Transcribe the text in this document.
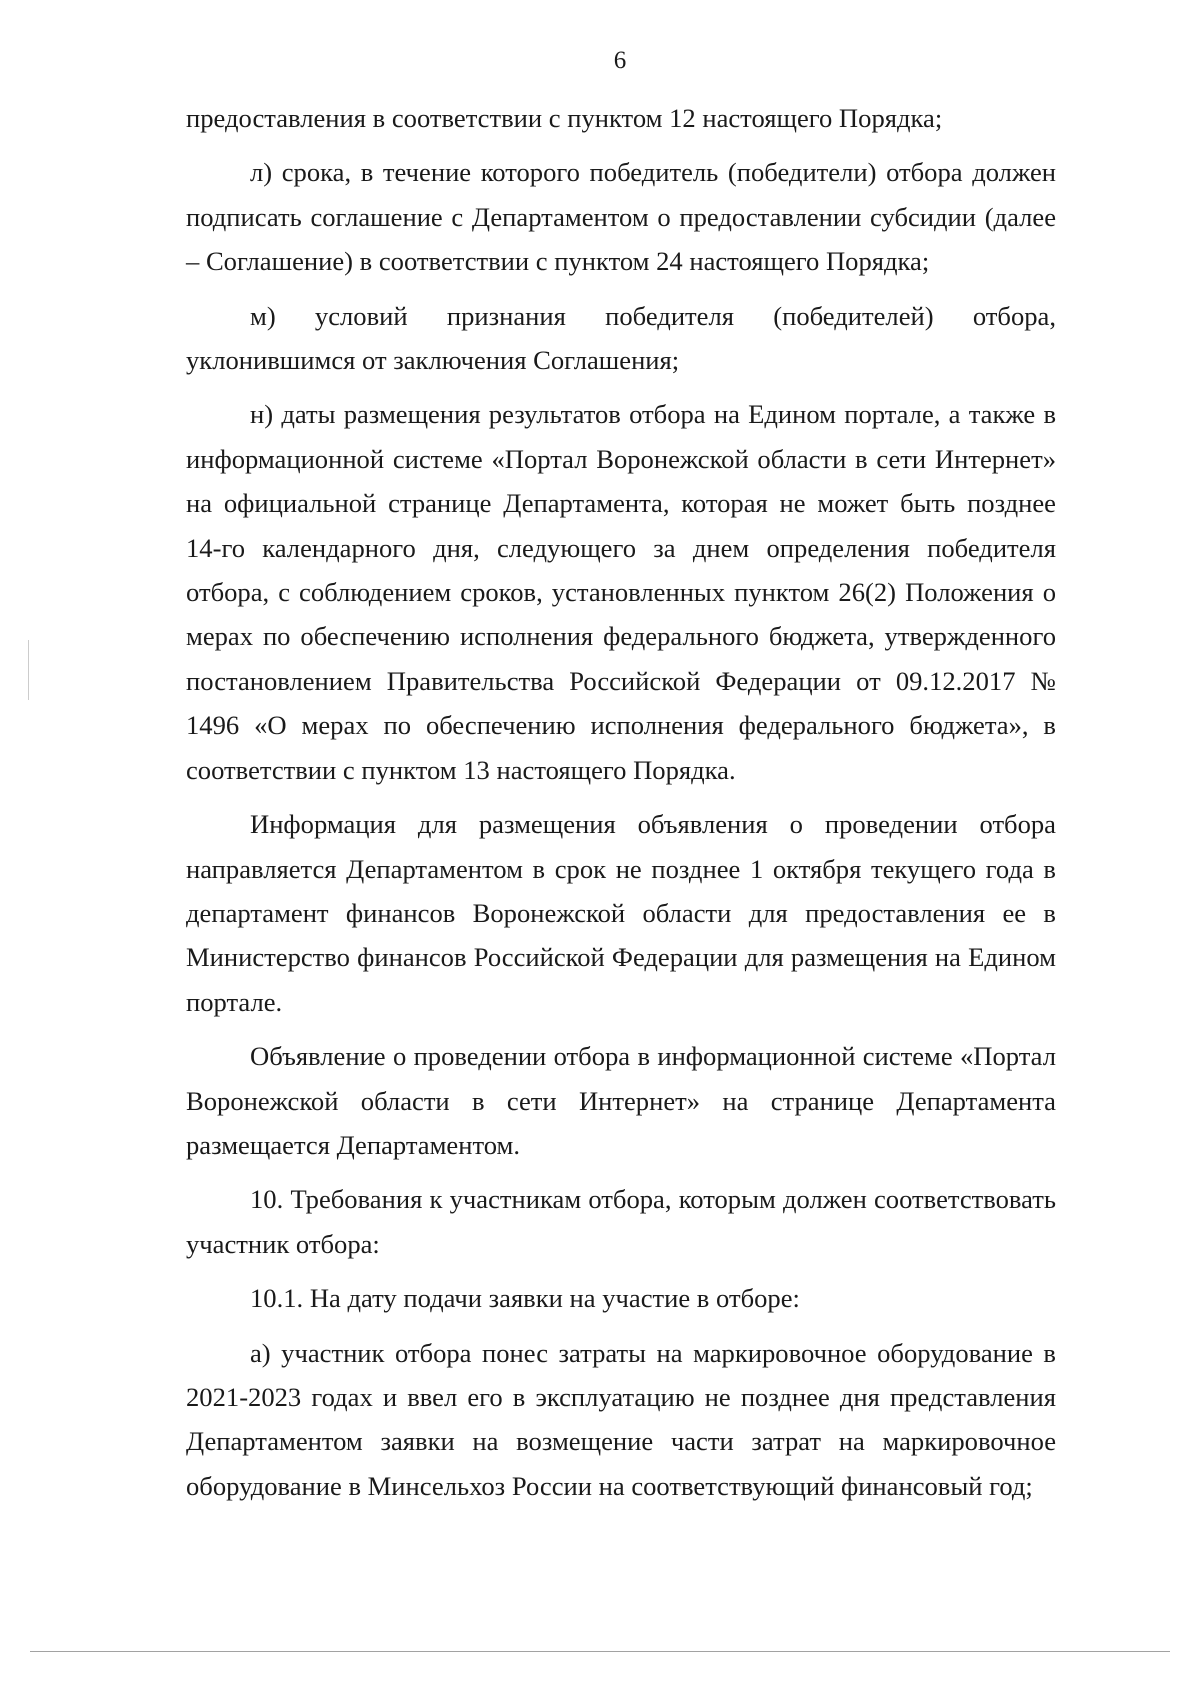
6

предоставления в соответствии с пунктом 12 настоящего Порядка;

л) срока, в течение которого победитель (победители) отбора должен подписать соглашение с Департаментом о предоставлении субсидии (далее – Соглашение) в соответствии с пунктом 24 настоящего Порядка;

м) условий признания победителя (победителей) отбора, уклонившимся от заключения Соглашения;

н) даты размещения результатов отбора на Едином портале, а также в информационной системе «Портал Воронежской области в сети Интернет» на официальной странице Департамента, которая не может быть позднее 14-го календарного дня, следующего за днем определения победителя отбора, с соблюдением сроков, установленных пунктом 26(2) Положения о мерах по обеспечению исполнения федерального бюджета, утвержденного постановлением Правительства Российской Федерации от 09.12.2017 № 1496 «О мерах по обеспечению исполнения федерального бюджета», в соответствии с пунктом 13 настоящего Порядка.

Информация для размещения объявления о проведении отбора направляется Департаментом в срок не позднее 1 октября текущего года в департамент финансов Воронежской области для предоставления ее в Министерство финансов Российской Федерации для размещения на Едином портале.

Объявление о проведении отбора в информационной системе «Портал Воронежской области в сети Интернет» на странице Департамента размещается Департаментом.

10. Требования к участникам отбора, которым должен соответствовать участник отбора:

10.1. На дату подачи заявки на участие в отборе:

а) участник отбора понес затраты на маркировочное оборудование в 2021-2023 годах и ввел его в эксплуатацию не позднее дня представления Департаментом заявки на возмещение части затрат на маркировочное оборудование в Минсельхоз России на соответствующий финансовый год;
